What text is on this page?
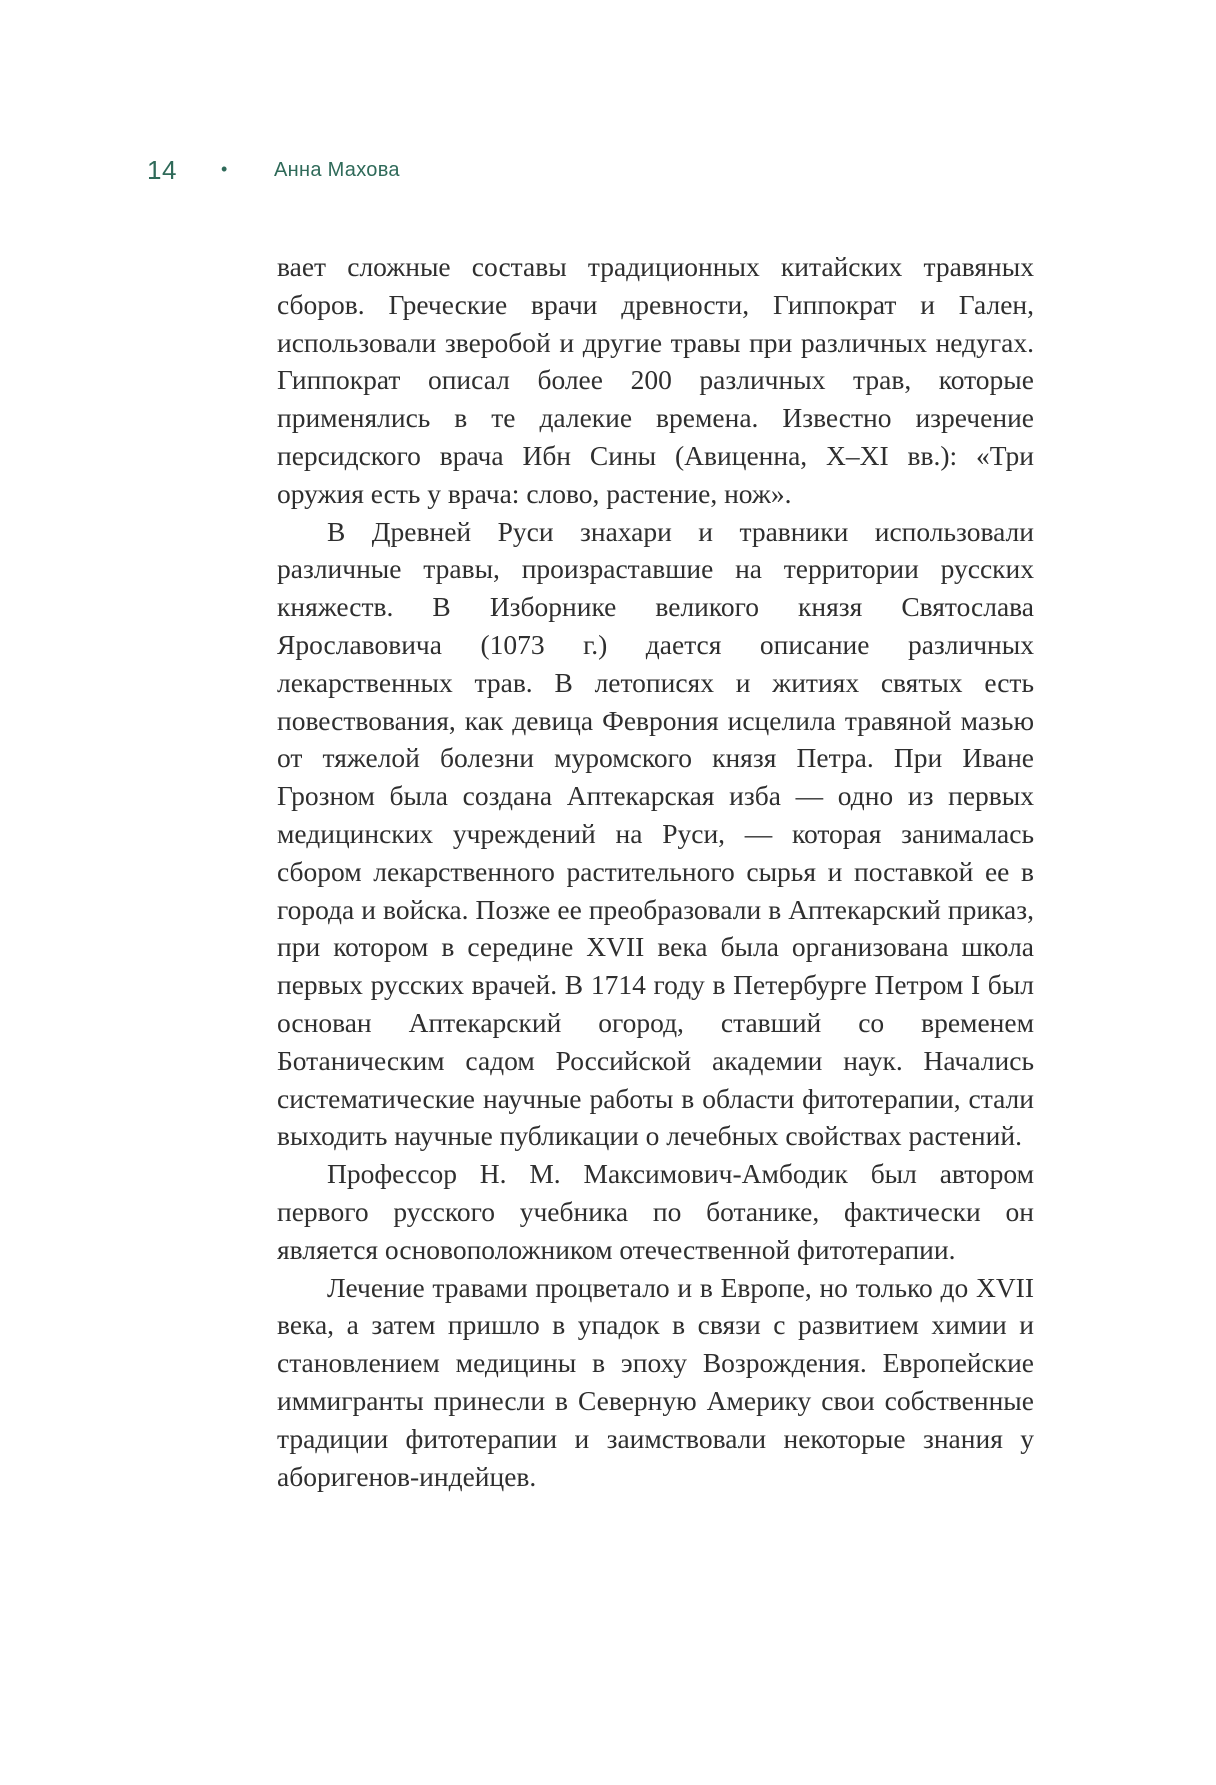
14	•	Анна Махова

вает сложные составы традиционных китайских травяных сборов. Греческие врачи древности, Гиппократ и Гален, использовали зверобой и другие травы при различных недугах. Гиппократ описал более 200 различных трав, которые применялись в те далекие времена. Известно изречение персидского врача Ибн Сины (Авиценна, X–XI вв.): «Три оружия есть у врача: слово, растение, нож».

В Древней Руси знахари и травники использовали различные травы, произраставшие на территории русских княжеств. В Изборнике великого князя Святослава Ярославовича (1073 г.) дается описание различных лекарственных трав. В летописях и житиях святых есть повествования, как девица Феврония исцелила травяной мазью от тяжелой болезни муромского князя Петра. При Иване Грозном была создана Аптекарская изба — одно из первых медицинских учреждений на Руси, — которая занималась сбором лекарственного растительного сырья и поставкой ее в города и войска. Позже ее преобразовали в Аптекарский приказ, при котором в середине XVII века была организована школа первых русских врачей. В 1714 году в Петербурге Петром I был основан Аптекарский огород, ставший со временем Ботаническим садом Российской академии наук. Начались систематические научные работы в области фитотерапии, стали выходить научные публикации о лечебных свойствах растений.

Профессор Н. М. Максимович-Амбодик был автором первого русского учебника по ботанике, фактически он является основоположником отечественной фитотерапии.

Лечение травами процветало и в Европе, но только до XVII века, а затем пришло в упадок в связи с развитием химии и становлением медицины в эпоху Возрождения. Европейские иммигранты принесли в Северную Америку свои собственные традиции фитотерапии и заимствовали некоторые знания у аборигенов-индейцев.
